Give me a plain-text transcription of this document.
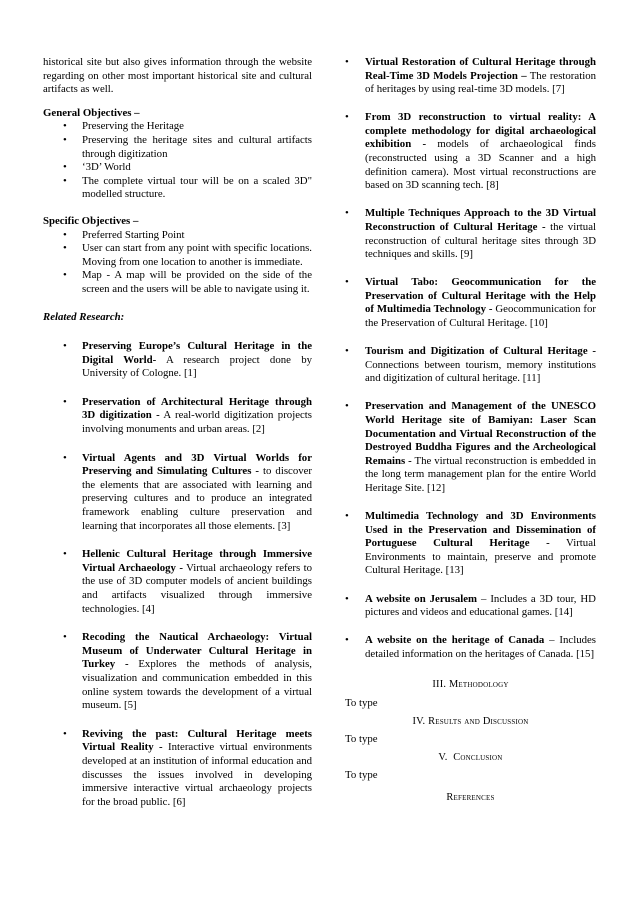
historical site but also gives information through the website regarding on other most important historical site and cultural artifacts as well.

General Objectives –

• Preserving the Heritage
• Preserving the heritage sites and cultural artifacts through digitization
• ‘3D’ World
• The complete virtual tour will be on a scaled 3D" modelled structure.

Specific Objectives –

• Preferred Starting Point
• User can start from any point with specific locations. Moving from one location to another is immediate.
• Map - A map will be provided on the side of the screen and the users will be able to navigate using it.

Related Research:

• Preserving Europe’s Cultural Heritage in the Digital World- A research project done by University of Cologne. [1]
• Preservation of Architectural Heritage through 3D digitization - A real-world digitization projects involving monuments and urban areas. [2]
• Virtual Agents and 3D Virtual Worlds for Preserving and Simulating Cultures - to discover the elements that are associated with learning and preserving cultures and to produce an integrated framework enabling culture preservation and learning that incorporates all those elements. [3]
• Hellenic Cultural Heritage through Immersive Virtual Archaeology - Virtual archaeology refers to the use of 3D computer models of ancient buildings and artifacts visualized through immersive technologies. [4]
• Recoding the Nautical Archaeology: Virtual Museum of Underwater Cultural Heritage in Turkey - Explores the methods of analysis, visualization and communication embedded in this online system towards the development of a virtual museum. [5]
• Reviving the past: Cultural Heritage meets Virtual Reality - Interactive virtual environments developed at an institution of informal education and discusses the issues involved in developing immersive interactive virtual archaeology projects for the broad public. [6]
• Virtual Restoration of Cultural Heritage through Real-Time 3D Models Projection – The restoration of heritages by using real-time 3D models. [7]
• From 3D reconstruction to virtual reality: A complete methodology for digital archaeological exhibition - models of archaeological finds (reconstructed using a 3D Scanner and a high definition camera). Most virtual reconstructions are based on 3D scanning tech. [8]
• Multiple Techniques Approach to the 3D Virtual Reconstruction of Cultural Heritage - the virtual reconstruction of cultural heritage sites through 3D techniques and skills. [9]
• Virtual Tabo: Geocommunication for the Preservation of Cultural Heritage with the Help of Multimedia Technology - Geocommunication for the Preservation of Cultural Heritage. [10]
• Tourism and Digitization of Cultural Heritage - Connections between tourism, memory institutions and digitization of cultural heritage. [11]
• Preservation and Management of the UNESCO World Heritage site of Bamiyan: Laser Scan Documentation and Virtual Reconstruction of the Destroyed Buddha Figures and the Archeological Remains - The virtual reconstruction is embedded in the long term management plan for the entire World Heritage Site. [12]
• Multimedia Technology and 3D Environments Used in the Preservation and Dissemination of Portuguese Cultural Heritage - Virtual Environments to maintain, preserve and promote Cultural Heritage. [13]
• A website on Jerusalem – Includes a 3D tour, HD pictures and videos and educational games. [14]
• A website on the heritage of Canada – Includes detailed information on the heritages of Canada. [15]

III. Methodology

To type

IV. Results and Discussion

To type

V. Conclusion

To type

References
